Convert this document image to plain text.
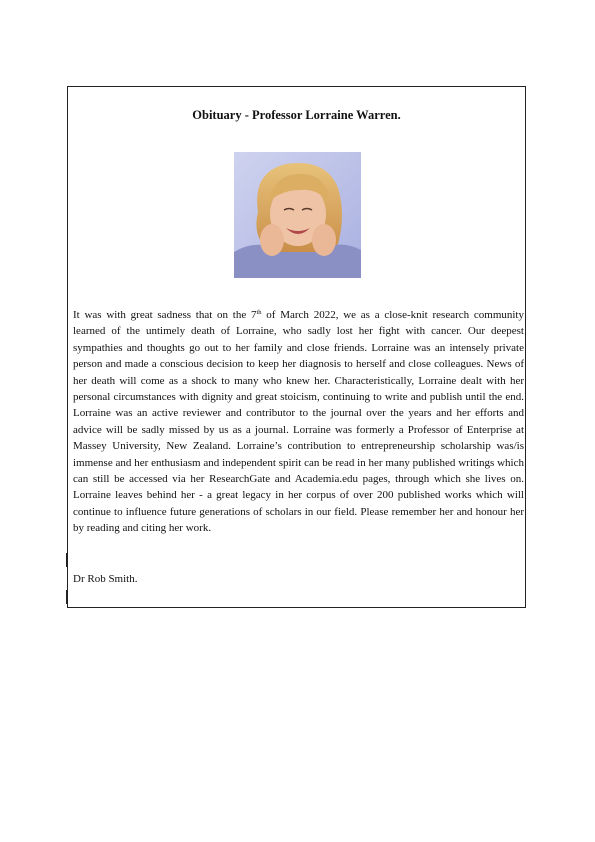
Obituary - Professor Lorraine Warren.
It was with great sadness that on the 7th of March 2022, we as a close-knit research community learned of the untimely death of Lorraine, who sadly lost her fight with cancer. Our deepest sympathies and thoughts go out to her family and close friends. Lorraine was an intensely private person and made a conscious decision to keep her diagnosis to herself and close colleagues. News of her death will come as a shock to many who knew her. Characteristically, Lorraine dealt with her personal circumstances with dignity and great stoicism, continuing to write and publish until the end. Lorraine was an active reviewer and contributor to the journal over the years and her efforts and advice will be sadly missed by us as a journal. Lorraine was formerly a Professor of Enterprise at Massey University, New Zealand. Lorraine’s contribution to entrepreneurship scholarship was/is immense and her enthusiasm and independent spirit can be read in her many published writings which can still be accessed via her ResearchGate and Academia.edu pages, through which she lives on. Lorraine leaves behind her - a great legacy in her corpus of over 200 published works which will continue to influence future generations of scholars in our field. Please remember her and honour her by reading and citing her work.
Dr Rob Smith.
